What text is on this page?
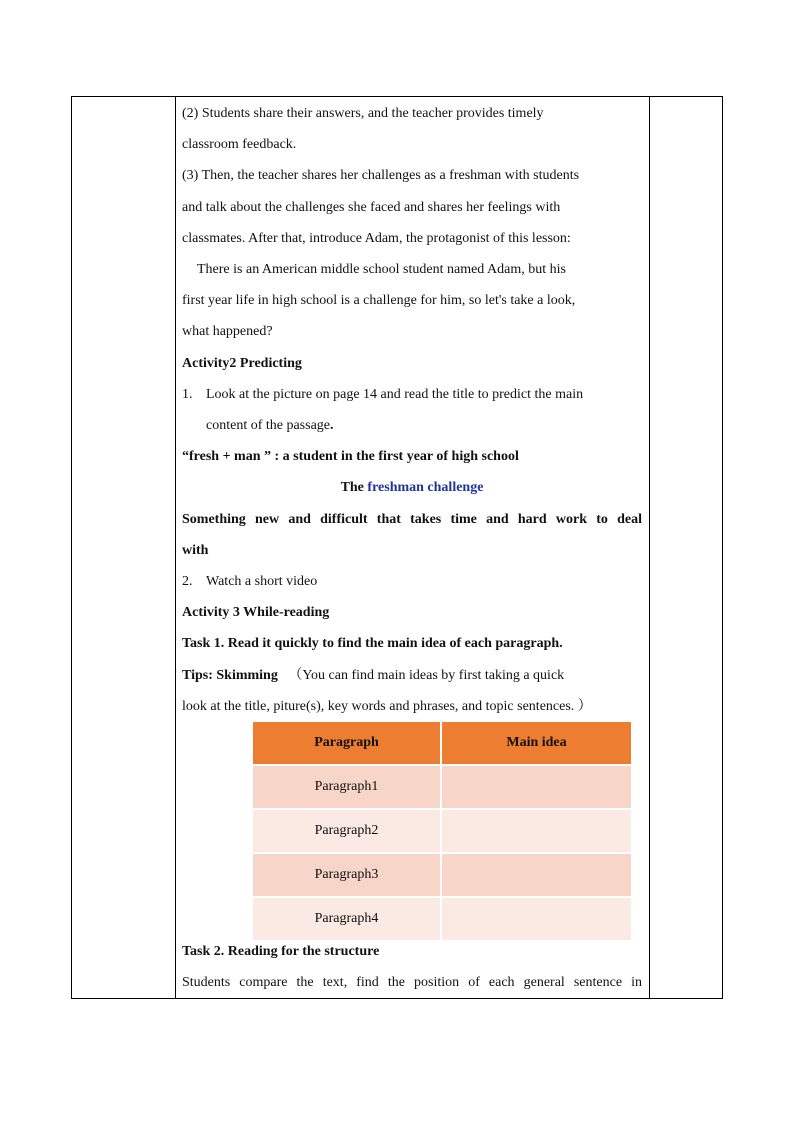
(2) Students share their answers, and the teacher provides timely

classroom feedback.

(3) Then, the teacher shares her challenges as a freshman with students

and talk about the challenges she faced and shares her feelings with

classmates. After that, introduce Adam, the protagonist of this lesson:

There is an American middle school student named Adam, but his

first year life in high school is a challenge for him, so let's take a look,

what happened?

Activity2 Predicting

1. Look at the picture on page 14 and read the title to predict the main

content of the passage.

“fresh + man ” : a student in the first year of high school

The freshman challenge

Something new and difficult that takes time and hard work to deal

with

2. Watch a short video

Activity 3 While-reading

Task 1. Read it quickly to find the main idea of each paragraph.

Tips: Skimming （You can find main ideas by first taking a quick

look at the title, piture(s), key words and phrases, and topic sentences. ）

Paragraph	Main idea
Paragraph1	
Paragraph2	
Paragraph3	
Paragraph4	

Task 2. Reading for the structure

Students compare the text, find the position of each general sentence in
